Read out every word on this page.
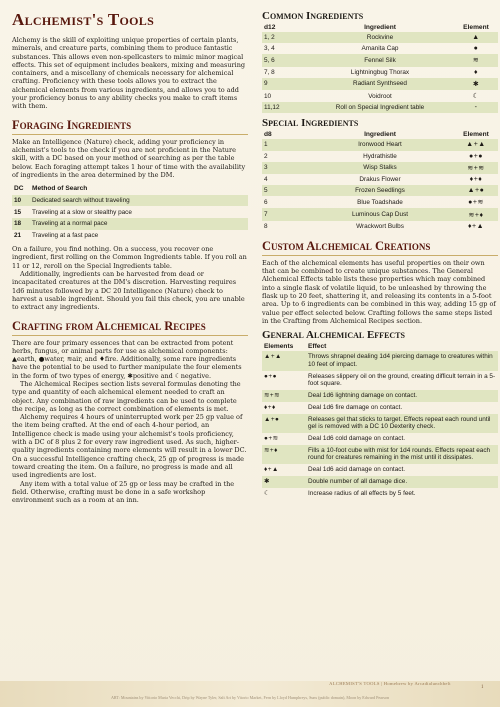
Alchemist's Tools

Alchemy is the skill of exploiting unique properties of certain plants, minerals, and creature parts, combining them to produce fantastic substances. This allows even non-spellcasters to mimic minor magical effects. This set of equipment includes beakers, mixing and measuring containers, and a miscellany of chemicals necessary for alchemical crafting. Proficiency with these tools allows you to extract the alchemical elements from various ingredients, and allows you to add your proficiency bonus to any ability checks you make to craft items with them.

Foraging Ingredients

Make an Intelligence (Nature) check, adding your proficiency in alchemist's tools to the check if you are not proficient in the Nature skill, with a DC based on your method of searching as per the table below. Each foraging attempt takes 1 hour of time with the availability of ingredients in the area determined by the DM.

DC	Method of Search
10	Dedicated search without traveling
15	Traveling at a slow or stealthy pace
18	Traveling at a normal pace
21	Traveling at a fast pace

On a failure, you find nothing. On a success, you recover one ingredient, first rolling on the Common Ingredients table. If you roll an 11 or 12, reroll on the Special Ingredients table.

Additionally, ingredients can be harvested from dead or incapacitated creatures at the DM's discretion. Harvesting requires 1d6 minutes followed by a DC 20 Intelligence (Nature) check to harvest a usable ingredient. Should you fail this check, you are unable to extract any ingredients.

Crafting from Alchemical Recipes

There are four primary essences that can be extracted from potent herbs, fungus, or animal parts for use as alchemical components: ▲earth, ●water, ≋air, and ♦fire. Additionally, some rare ingredients have the potential to be used to further manipulate the four elements in the form of two types of energy, ✱positive and ☾negative.

The Alchemical Recipes section lists several formulas denoting the type and quantity of each alchemical element needed to craft an object. Any combination of raw ingredients can be used to complete the recipe, as long as the correct combination of elements is met.

Alchemy requires 4 hours of uninterrupted work per 25 gp value of the item being crafted. At the end of each 4-hour period, an Intelligence check is made using your alchemist's tools proficiency, with a DC of 8 plus 2 for every raw ingredient used. As such, higher-quality ingredients containing more elements will result in a lower DC. On a successful Intelligence crafting check, 25 gp of progress is made toward creating the item. On a failure, no progress is made and all used ingredients are lost.

Any item with a total value of 25 gp or less may be crafted in the field. Otherwise, crafting must be done in a safe workshop environment such as a room at an inn.

Common Ingredients
d12	Ingredient	Element
1, 2	Rockvine	▲
3, 4	Amanita Cap	●
5, 6	Fennel Silk	≋
7, 8	Lightningbug Thorax	♦
9	Radiant Synthseed	✱
10	Voidroot	☾
11,12	Roll on Special Ingredient table	-
Special Ingredients
d8	Ingredient	Element
1	Ironwood Heart	▲+▲
2	Hydrathistle	●+●
3	Wisp Stalks	≋+≋
4	Drakus Flower	♦+♦
5	Frozen Seedlings	▲+●
6	Blue Toadshade	●+≋
7	Luminous Cap Dust	≋+♦
8	Wrackwort Bulbs	♦+▲
Custom Alchemical Creations

Each of the alchemical elements has useful properties on their own that can be combined to create unique substances. The General Alchemical Effects table lists these properties which may combined into a single flask of volatile liquid, to be unleashed by throwing the flask up to 20 feet, shattering it, and releasing its contents in a 5-foot area. Up to 6 ingredients can be combined in this way, adding 15 gp of value per effect selected below. Crafting follows the same steps listed in the Crafting from Alchemical Recipes section.

General Alchemical Effects
Elements	Effect
▲+▲	Throws shrapnel dealing 1d4 piercing damage to creatures within 10 feet of impact.
●+●	Releases slippery oil on the ground, creating difficult terrain in a 5-foot square.
≋+≋	Deal 1d6 lightning damage on contact.
♦+♦	Deal 1d6 fire damage on contact.
▲+●	Releases gel that sticks to target. Effects repeat each round until gel is removed with a DC 10 Dexterity check.
●+≋	Deal 1d6 cold damage on contact.
≋+♦	Fills a 10-foot cube with mist for 1d4 rounds. Effects repeat each round for creatures remaining in the mist until it dissipates.
♦+▲	Deal 1d6 acid damage on contact.
✱	Double number of all damage dice.
☾	Increase radius of all effects by 5 feet.
ALCHEMIST'S TOOLS | Homebrew by Arcadialunchbelt
1
ART: Mountains by Vittorio Maria Vecchi, Drip by Wayne Tyler, Salt Art by Vitorio Market, Fern by Lloyd Humphreys, Suns (public domain), Moon by Edward Pearson
